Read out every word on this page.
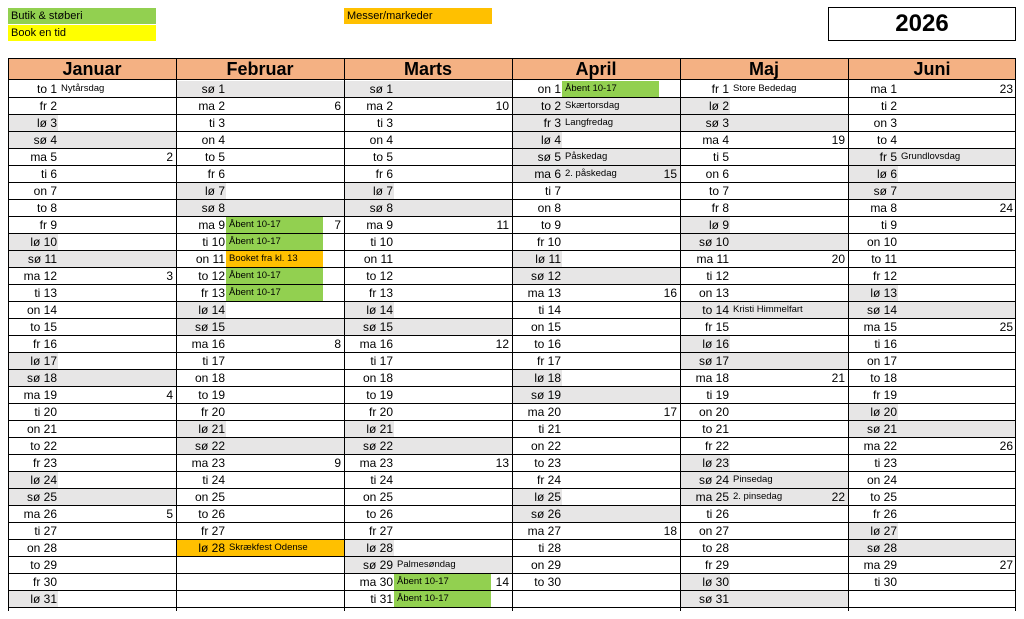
Butik & støberi
Book en tid
Messer/markeder	2026
Januar
to 1 Nytårsdag
fr 2
lø 3
sø 4
ma 5	2
ti 6
on 7
to 8
fr 9
lø 10
sø 11
ma 12	3
ti 13
on 14
to 15
fr 16
lø 17
sø 18
ma 19	4
ti 20
on 21
to 22
fr 23
lø 24
sø 25
ma 26	5
ti 27
on 28
to 29
fr 30
lø 31
Februar
sø 1
ma 2	6
ti 3
on 4
to 5
fr 6
lø 7
sø 8
ma 9 Åbent 10-17	7
ti 10 Åbent 10-17
on 11 Booket fra kl. 13
to 12 Åbent 10-17
fr 13 Åbent 10-17
lø 14
sø 15
ma 16	8
ti 17
on 18
to 19
fr 20
lø 21
sø 22
ma 23	9
ti 24
on 25
to 26
fr 27
lø 28 Skrækfest Odense
Marts
sø 1
ma 2	10
ti 3
on 4
to 5
fr 6
lø 7
sø 8
ma 9	11
ti 10
on 11
to 12
fr 13
lø 14
sø 15
ma 16	12
ti 17
on 18
to 19
fr 20
lø 21
sø 22
ma 23	13
ti 24
on 25
to 26
fr 27
lø 28
sø 29 Palmesøndag
ma 30 Åbent 10-17	14
ti 31 Åbent 10-17
April
on 1 Åbent 10-17
to 2 Skærtorsdag
fr 3 Langfredag
lø 4
sø 5 Påskedag
ma 6 2. påskedag	15
ti 7
on 8
to 9
fr 10
lø 11
sø 12
ma 13	16
ti 14
on 15
to 16
fr 17
lø 18
sø 19
ma 20	17
ti 21
on 22
to 23
fr 24
lø 25
sø 26
ma 27	18
ti 28
on 29
to 30
Maj
fr 1 Store Bededag
lø 2
sø 3
ma 4	19
ti 5
on 6
to 7
fr 8
lø 9
sø 10
ma 11	20
ti 12
on 13
to 14 Kristi Himmelfart
fr 15
lø 16
sø 17
ma 18	21
ti 19
on 20
to 21
fr 22
lø 23
sø 24 Pinsedag
ma 25 2. pinsedag	22
ti 26
on 27
to 28
fr 29
lø 30
sø 31
Juni
ma 1	23
ti 2
on 3
to 4
fr 5 Grundlovsdag
lø 6
sø 7
ma 8	24
ti 9
on 10
to 11
fr 12
lø 13
sø 14
ma 15	25
ti 16
on 17
to 18
fr 19
lø 20
sø 21
ma 22	26
ti 23
on 24
to 25
fr 26
lø 27
sø 28
ma 29	27
ti 30
